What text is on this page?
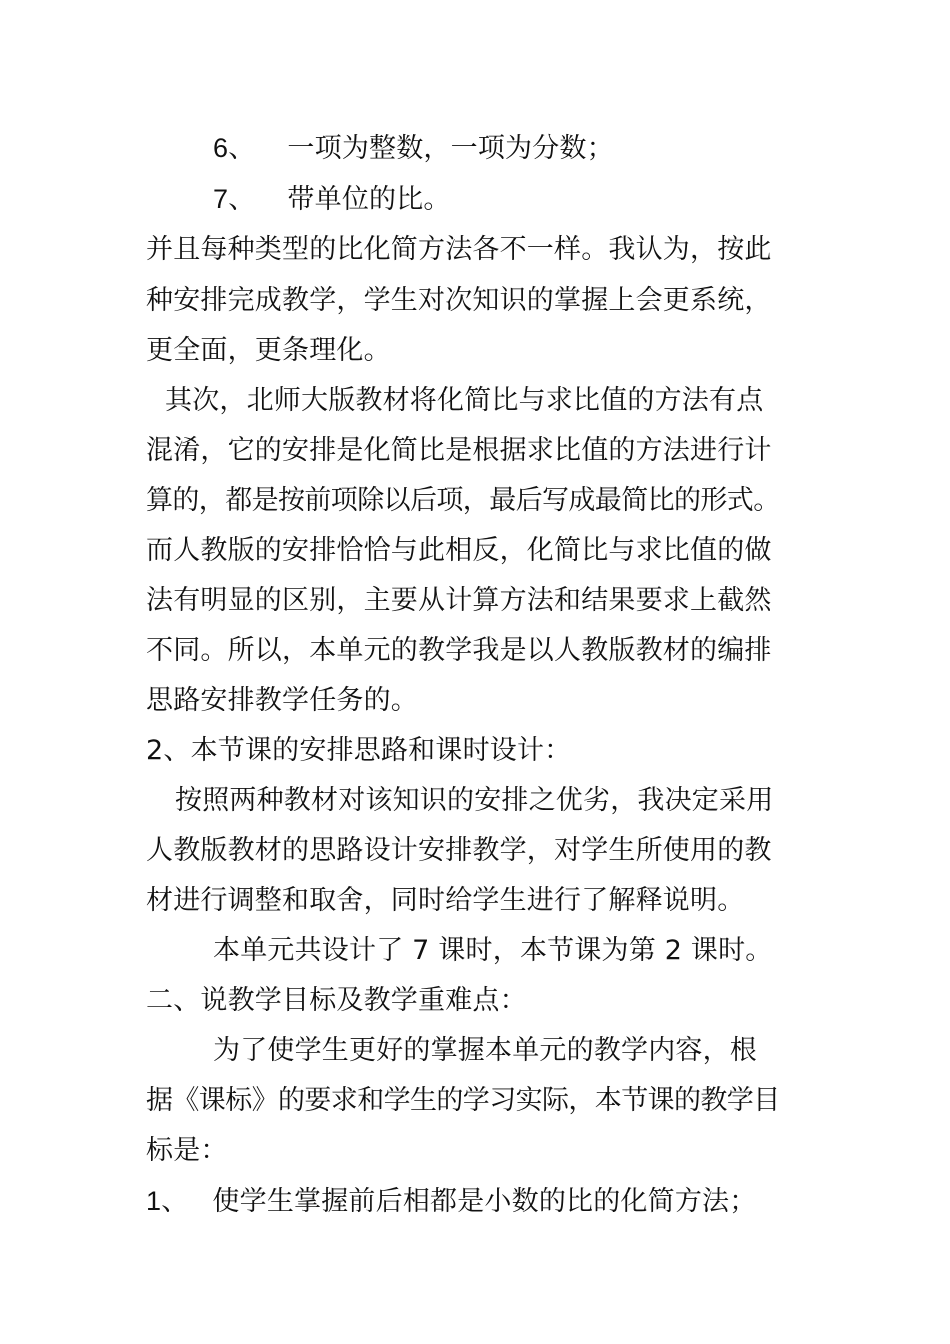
6、 一项为整数，一项为分数；
7、 带单位的比。
并且每种类型的比化简方法各不一样。我认为，按此
种安排完成教学，学生对次知识的掌握上会更系统，
更全面，更条理化。
其次，北师大版教材将化简比与求比值的方法有点
混淆，它的安排是化简比是根据求比值的方法进行计
算的，都是按前项除以后项，最后写成最简比的形式。
而人教版的安排恰恰与此相反，化简比与求比值的做
法有明显的区别，主要从计算方法和结果要求上截然
不同。所以，本单元的教学我是以人教版教材的编排
思路安排教学任务的。
2、本节课的安排思路和课时设计：
按照两种教材对该知识的安排之优劣，我决定采用
人教版教材的思路设计安排教学，对学生所使用的教
材进行调整和取舍，同时给学生进行了解释说明。
本单元共设计了 7 课时，本节课为第 2 课时。
二、说教学目标及教学重难点：
为了使学生更好的掌握本单元的教学内容，根
据《课标》的要求和学生的学习实际，本节课的教学目
标是：
1、 使学生掌握前后相都是小数的比的化简方法；
